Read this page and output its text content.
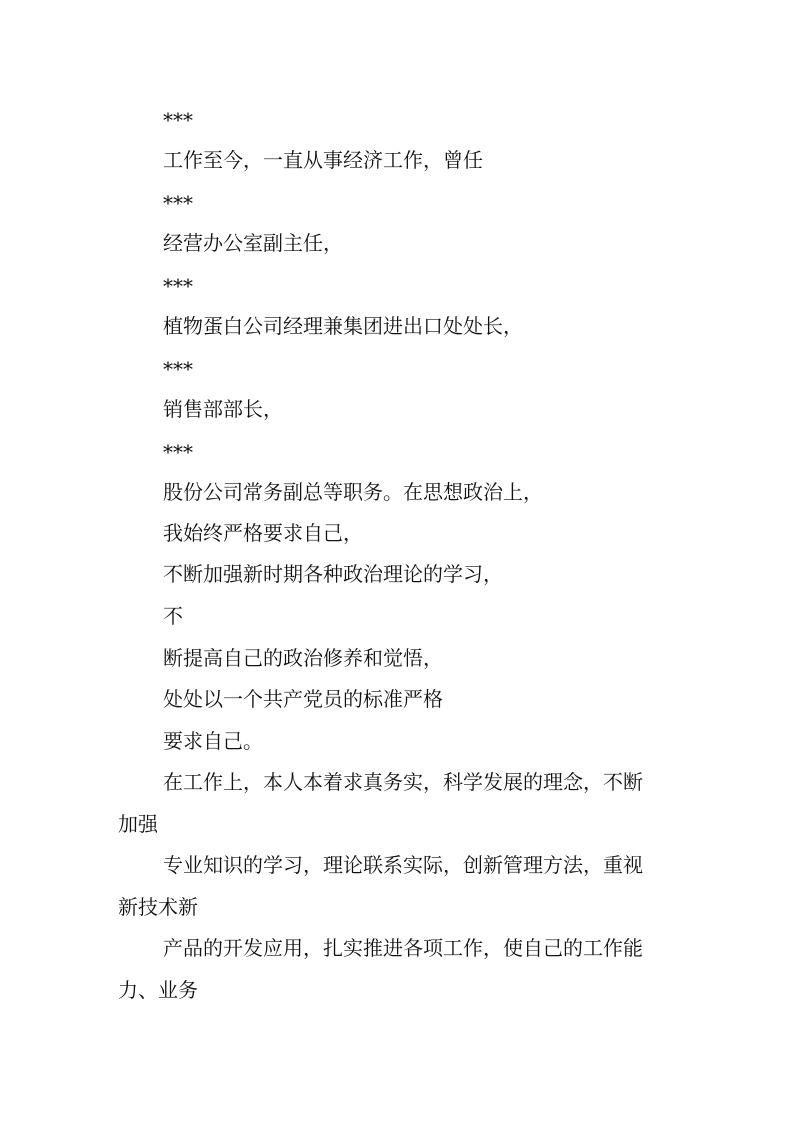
***
工作至今，一直从事经济工作，曾任
***
经营办公室副主任，
***
植物蛋白公司经理兼集团进出口处处长，
***
销售部部长，
***
股份公司常务副总等职务。在思想政治上，
我始终严格要求自己，
不断加强新时期各种政治理论的学习，
不
断提高自己的政治修养和觉悟，
处处以一个共产党员的标准严格
要求自己。
在工作上，本人本着求真务实，科学发展的理念，不断
加强
专业知识的学习，理论联系实际，创新管理方法，重视
新技术新
产品的开发应用，扎实推进各项工作，使自己的工作能
力、业务
